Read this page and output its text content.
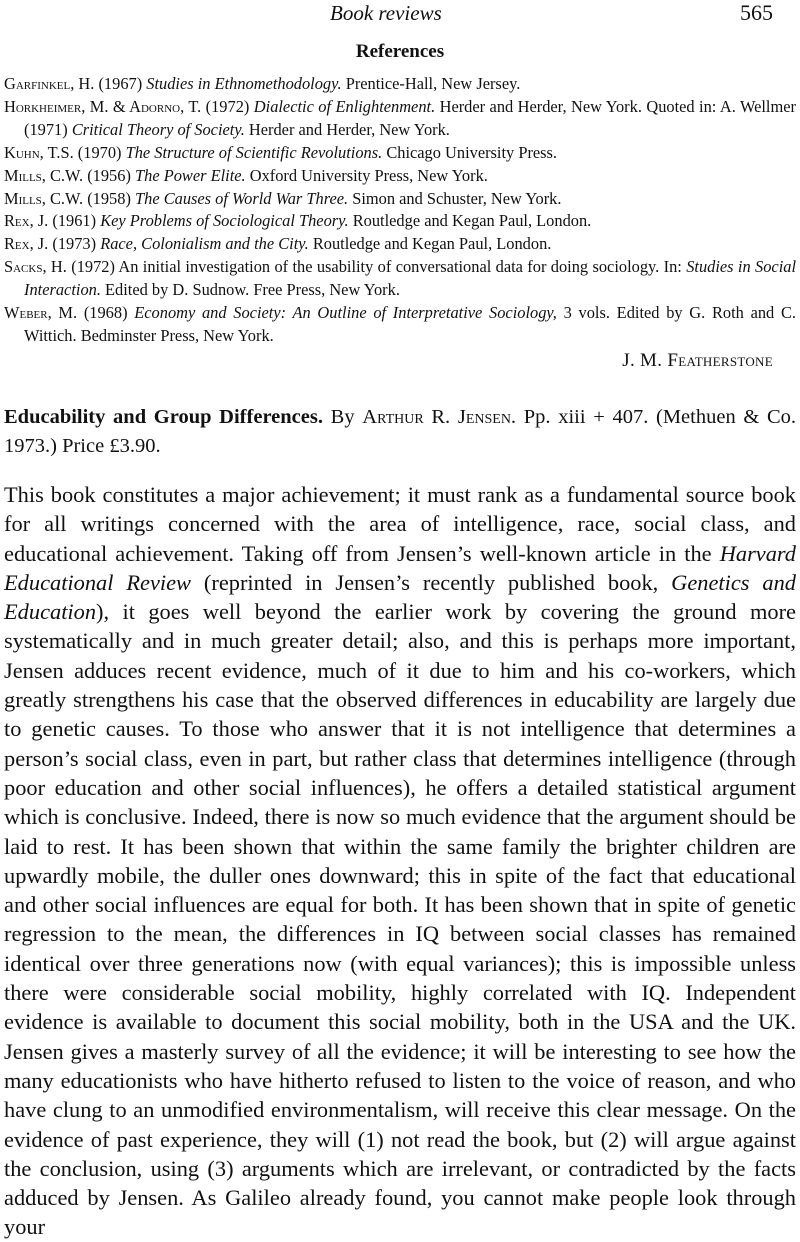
Book reviews	565
References
Garfinkel, H. (1967) Studies in Ethnomethodology. Prentice-Hall, New Jersey.
Horkheimer, M. & Adorno, T. (1972) Dialectic of Enlightenment. Herder and Herder, New York. Quoted in: A. Wellmer (1971) Critical Theory of Society. Herder and Herder, New York.
Kuhn, T.S. (1970) The Structure of Scientific Revolutions. Chicago University Press.
Mills, C.W. (1956) The Power Elite. Oxford University Press, New York.
Mills, C.W. (1958) The Causes of World War Three. Simon and Schuster, New York.
Rex, J. (1961) Key Problems of Sociological Theory. Routledge and Kegan Paul, London.
Rex, J. (1973) Race, Colonialism and the City. Routledge and Kegan Paul, London.
Sacks, H. (1972) An initial investigation of the usability of conversational data for doing sociology. In: Studies in Social Interaction. Edited by D. Sudnow. Free Press, New York.
Weber, M. (1968) Economy and Society: An Outline of Interpretative Sociology, 3 vols. Edited by G. Roth and C. Wittich. Bedminster Press, New York.
J. M. Featherstone
Educability and Group Differences. By Arthur R. Jensen. Pp. xiii + 407. (Methuen & Co. 1973.) Price £3.90.

This book constitutes a major achievement; it must rank as a fundamental source book for all writings concerned with the area of intelligence, race, social class, and educational achievement. Taking off from Jensen’s well-known article in the Harvard Educational Review (reprinted in Jensen’s recently published book, Genetics and Education), it goes well beyond the earlier work by covering the ground more systematically and in much greater detail; also, and this is perhaps more important, Jensen adduces recent evidence, much of it due to him and his co-workers, which greatly strengthens his case that the observed differences in educability are largely due to genetic causes. To those who answer that it is not intelligence that determines a person’s social class, even in part, but rather class that determines intelligence (through poor education and other social influences), he offers a detailed statistical argument which is conclusive. Indeed, there is now so much evidence that the argument should be laid to rest. It has been shown that within the same family the brighter children are upwardly mobile, the duller ones downward; this in spite of the fact that educational and other social influences are equal for both. It has been shown that in spite of genetic regression to the mean, the differences in IQ between social classes has remained identical over three generations now (with equal variances); this is impossible unless there were considerable social mobility, highly correlated with IQ. Independent evidence is available to document this social mobility, both in the USA and the UK. Jensen gives a masterly survey of all the evidence; it will be interesting to see how the many educationists who have hitherto refused to listen to the voice of reason, and who have clung to an unmodified environmentalism, will receive this clear message. On the evidence of past experience, they will (1) not read the book, but (2) will argue against the conclusion, using (3) arguments which are irrelevant, or contradicted by the facts adduced by Jensen. As Galileo already found, you cannot make people look through your
